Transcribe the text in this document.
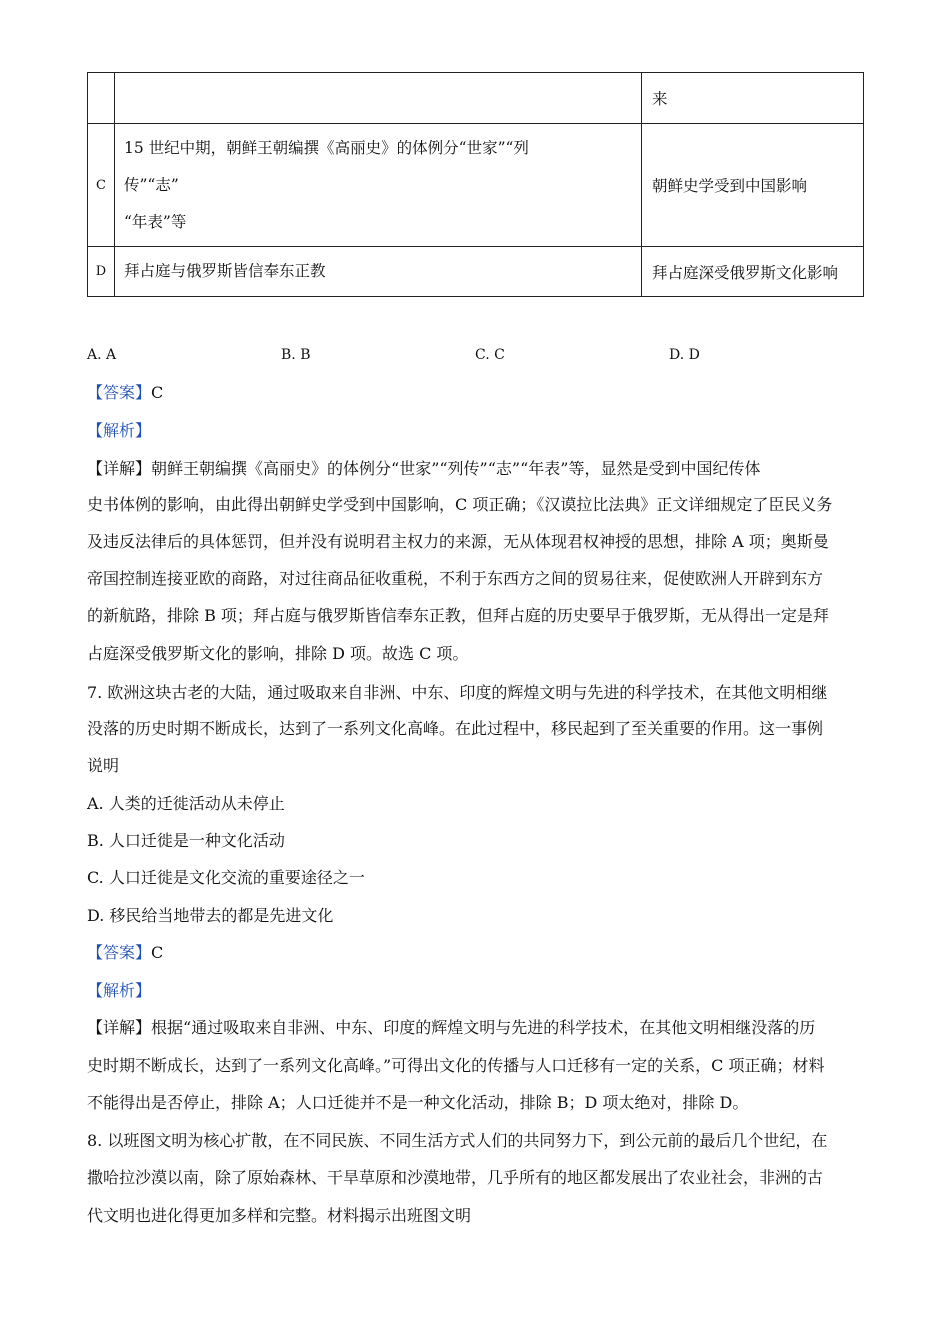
		来
C	15 世纪中期，朝鲜王朝编撰《高丽史》的体例分“世家”“列
传”“志”
“年表”等	朝鲜史学受到中国影响
D	拜占庭与俄罗斯皆信奉东正教	拜占庭深受俄罗斯文化影响
A. A	B. B	C. C	D. D
【答案】C
【解析】
【详解】朝鲜王朝编撰《高丽史》的体例分“世家”“列传”“志”“年表”等，显然是受到中国纪传体
史书体例的影响，由此得出朝鲜史学受到中国影响，C 项正确；《汉谟拉比法典》正文详细规定了臣民义务
及违反法律后的具体惩罚，但并没有说明君主权力的来源，无从体现君权神授的思想，排除 A 项；奥斯曼
帝国控制连接亚欧的商路，对过往商品征收重税，不利于东西方之间的贸易往来，促使欧洲人开辟到东方
的新航路，排除 B 项；拜占庭与俄罗斯皆信奉东正教，但拜占庭的历史要早于俄罗斯，无从得出一定是拜
占庭深受俄罗斯文化的影响，排除 D 项。故选 C 项。
7. 欧洲这块古老的大陆，通过吸取来自非洲、中东、印度的辉煌文明与先进的科学技术，在其他文明相继
没落的历史时期不断成长，达到了一系列文化高峰。在此过程中，移民起到了至关重要的作用。这一事例
说明
A. 人类的迁徙活动从未停止
B. 人口迁徙是一种文化活动
C. 人口迁徙是文化交流的重要途径之一
D. 移民给当地带去的都是先进文化
【答案】C
【解析】
【详解】根据“通过吸取来自非洲、中东、印度的辉煌文明与先进的科学技术，在其他文明相继没落的历
史时期不断成长，达到了一系列文化高峰。”可得出文化的传播与人口迁移有一定的关系，C 项正确；材料
不能得出是否停止，排除 A；人口迁徙并不是一种文化活动，排除 B；D 项太绝对，排除 D。
8. 以班图文明为核心扩散，在不同民族、不同生活方式人们的共同努力下，到公元前的最后几个世纪，在
撒哈拉沙漠以南，除了原始森林、干旱草原和沙漠地带，几乎所有的地区都发展出了农业社会，非洲的古
代文明也进化得更加多样和完整。材料揭示出班图文明
